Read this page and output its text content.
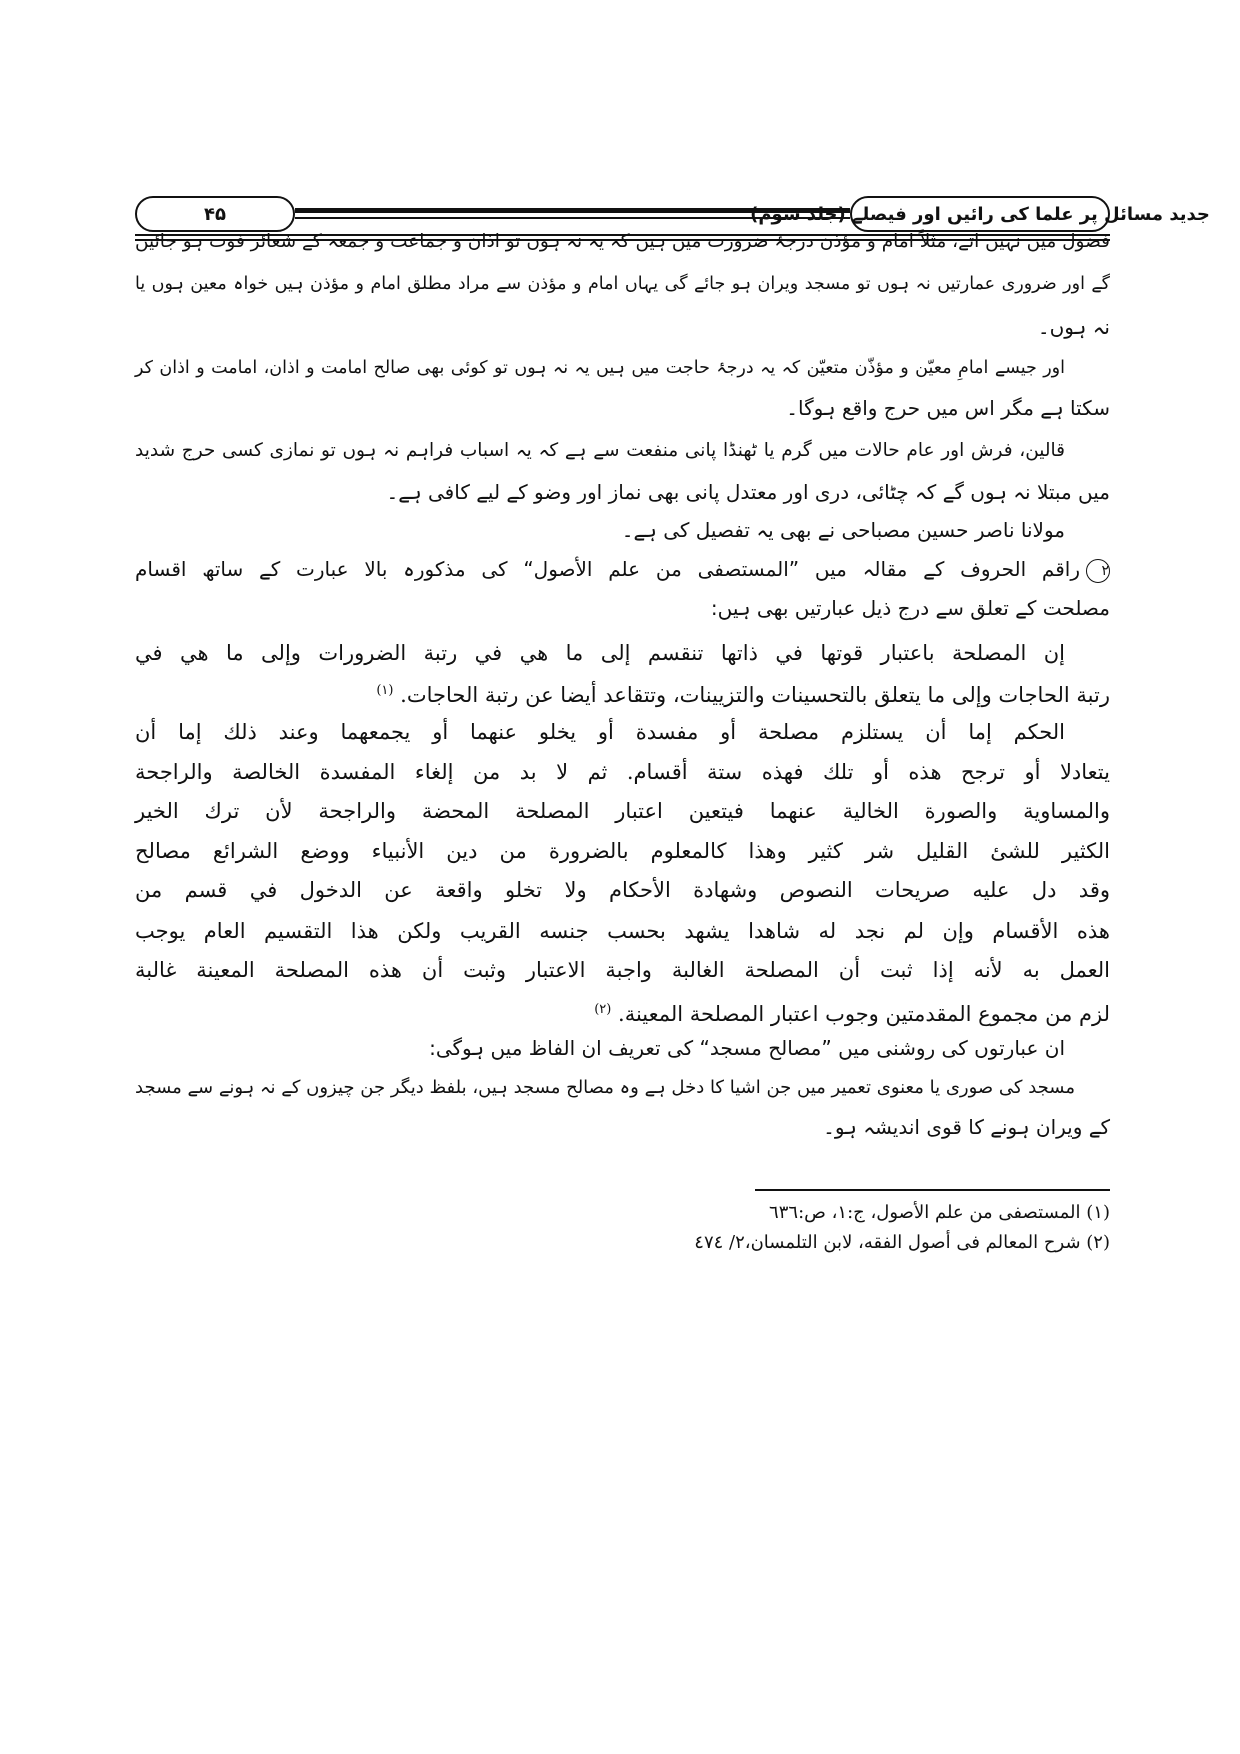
۴۵	جدید مسائل پر علما کی رائیں اور فیصلے (جلد سوم)
فضول میں نہیں آتے، مثلاً امام و مؤذن درجۂ ضرورت میں ہیں کہ یہ نہ ہوں تو اذان و جماعت و جمعہ کے شعائر فوت ہو جائیں
گے اور ضروری عمارتیں نہ ہوں تو مسجد ویران ہو جائے گی یہاں امام و مؤذن سے مراد مطلق امام و مؤذن ہیں خواہ معین ہوں یا
نہ ہوں۔
اور جیسے امامِ معیّن و مؤذّن متعیّن کہ یہ درجۂ حاجت میں ہیں یہ نہ ہوں تو کوئی بھی صالح امامت و اذان، امامت و اذان کر
سکتا ہے مگر اس میں حرج واقع ہوگا۔
قالین، فرش اور عام حالات میں گرم یا ٹھنڈا پانی منفعت سے ہے کہ یہ اسباب فراہم نہ ہوں تو نمازی کسی حرج شدید
میں مبتلا نہ ہوں گے کہ چٹائی، دری اور معتدل پانی بھی نماز اور وضو کے لیے کافی ہے۔
مولانا ناصر حسین مصباحی نے بھی یہ تفصیل کی ہے۔
۲راقم الحروف کے مقالہ میں ”المستصفی من علم الأصول“ کی مذکورہ بالا عبارت کے ساتھ اقسام
مصلحت کے تعلق سے درج ذیل عبارتیں بھی ہیں:
إن المصلحة باعتبار قوتها في ذاتها تنقسم إلى ما هي في رتبة الضرورات وإلى ما هي في
رتبة الحاجات وإلى ما يتعلق بالتحسينات والتزيينات، وتتقاعد أيضا عن رتبة الحاجات. $^{(۱)}$
الحكم إما أن يستلزم مصلحة أو مفسدة أو يخلو عنهما أو يجمعهما وعند ذلك إما أن
يتعادلا أو ترجح هذه أو تلك فهذه ستة أقسام. ثم لا بد من إلغاء المفسدة الخالصة والراجحة
والمساوية والصورة الخالية عنهما فيتعين اعتبار المصلحة المحضة والراجحة لأن ترك الخير
الكثير للشئ القليل شر كثير وهذا كالمعلوم بالضرورة من دين الأنبياء ووضع الشرائع مصالح
وقد دل عليه صريحات النصوص وشهادة الأحكام ولا تخلو واقعة عن الدخول في قسم من
هذه الأقسام وإن لم نجد له شاهدا يشهد بحسب جنسه القريب ولكن هذا التقسيم العام يوجب
العمل به لأنه إذا ثبت أن المصلحة الغالبة واجبة الاعتبار وثبت أن هذه المصلحة المعينة غالبة
لزم من مجموع المقدمتين وجوب اعتبار المصلحة المعينة. $^{(۲)}$
ان عبارتوں کی روشنی میں ”مصالح مسجد“ کی تعریف ان الفاظ میں ہوگی:
مسجد کی صوری یا معنوی تعمیر میں جن اشیا کا دخل ہے وہ مصالح مسجد ہیں، بلفظ دیگر جن چیزوں کے نہ ہونے سے مسجد
کے ویران ہونے کا قوی اندیشہ ہو۔
(۱) المستصفی من علم الأصول، ج:۱، ص:٦٣٦
(۲) شرح المعالم فی أصول الفقه، لابن التلمسان،۲/ ٤٧٤
